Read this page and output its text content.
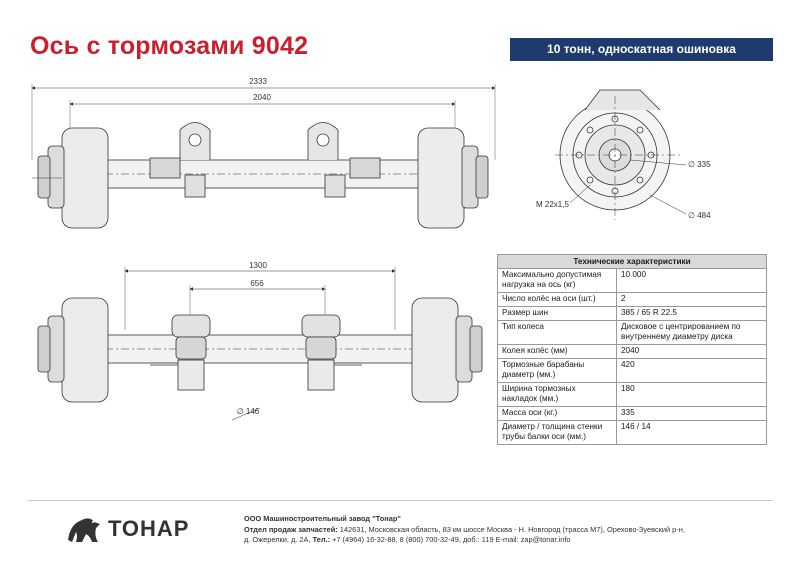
Ось с тормозами 9042	10 тонн, односкатная ошиновка
2333
2040
∅ 335
∅ 484
M 22x1,5
1300
656
∅ 146
Технические характеристики	
Максимально допустимая нагрузка на ось (кг)	10 000
Число колёс на оси (шт.)	2
Размер шин	385 / 65 R 22.5
Тип колеса	Дисковое с центрированием по внутреннему диаметру диска
Колея колёс (мм)	2040
Тормозные барабаны диаметр (мм.)	420
Ширина тормозных накладок (мм.)	180
Масса оси (кг.)	335
Диаметр / толщина стенки трубы балки оси (мм.)	146 / 14
ТОНАР	ООО Машиностроительный завод "Тонар"
Отдел продаж запчастей: 142631, Московская область, 83 км шоссе Москва - Н. Новгород (трасса М7), Орехово-Зуевский р-н,
д. Ожерелки, д. 2А, Тел.: +7 (4964) 16-32-88, 8 (800) 700-32-49, доб.: 119 E-mail: zap@tonar.info
